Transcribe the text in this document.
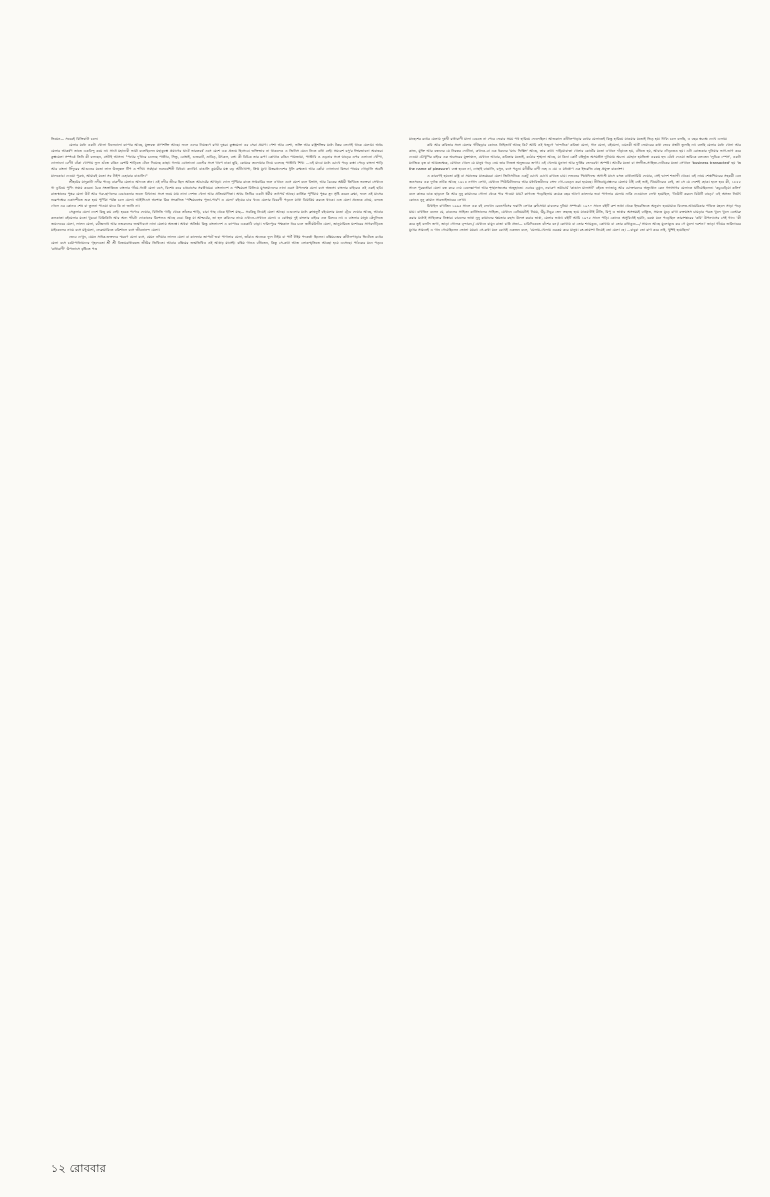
ভিয়েন— সবেরই বিক্রিবাটা চলে।

মেলার মধ্যে একটা খোলা ঢিলেঢালা ব্যাপার আছে, মুক্তবন্ধ প্রাণশক্তি আছে। ফলে এদের নিয়ন্ত্রণে রাখা দুষ্কর। কুম্ভমেলা এর সেরা প্রমাণ। পেশা আর নেশা, ভক্তি আর রাষ্ট্রশক্তির মধ্যে টক্কর লেগেই থাকে মেলায়। অথচ মেলার আকর্ষণ তাতে একবিন্দু কমে না। সাধে মহাদেবী ভার্মা বলেছিলেন মহাকুম্ভে প্রয়াগের ঘাটে ভারতবর্ষ এসে মেশে এক প্রত্যয় হিসেবে। ভক্তিভাব না থাকলেও এ জিনিস মেনে নিতে বাধা নেই। সমরেশ বসু'র ঈশ্বরভাবনা অবান্তর। কুম্ভমেলা সম্পর্কে তিনি কী বলছেন, সেটাই আসল। "পথের দু'ধারে চলেছে পাঞ্জাব, সিন্ধু, বোম্বাই, গুজরাট, দ্রাবিড়, উৎকল, বঙ্গ। কী বিচিত্র তার রূপ! কোথাও রঙিন পায়জামা, পাঞ্জাবি ও ওড়নার সঙ্গে ঘাড়ের ওপর এলানো খোঁপা, দোলানো বেণী! বাঁকা খোপায় ফুল গুঁজে রঙিন রেশমি শাড়িতে টেনে দিয়েছে কাছা। গলায় ঝোলানো বেল্টের সঙ্গে খাপে ঢাকা ছুরি, কোমরে তলোয়ার নিয়ে চলেছে পাঞ্জাবি শিখ। ...এই মাঝে মধ্যে চোখে পড়ে কস্তা পেড়ে বাংলা শাড়ি আর বাংলা সিঁদুরের আগুনের মতো লাল উজ্জ্বল টিপ ও শাঁখা। সর্বহারা শুভ্রবেশিনী বিধবা। কদাচিৎ বাঙালি কুমারীর মস্ত বড় আঁটখোপা, স্নিগ্ধ মুখে উত্তরপ্রদেশের ধুলি রুক্ষতা। আর কোঁচা দোলানো কিংবা পায়ের গোড়ালি অবধি মালকোচা দেওয়া পুরুষ, আমারই মতো সব টাইপ চেহারার বাঙালি।"

শ্রীহট্টের যাদুকাটা নদীর পাড়ে বারুণীর মেলাও আদতে স্নান। এই নদীর তীরে ছিল অদ্বৈত আচার্যের আখড়া। দোল পূর্ণিমার রাতে সপ্তবারির জল এখানে এসে মেশে বলে বিশ্বাস, আর চৈত্রের অষ্টমী তিথিতে ভক্তেরা সেখানে গা ডুবিয়ে পুণ্যি সঞ্চয় করেন। চৈত্র সংক্রান্তিতে বাংলার গাঁয়ে-গঞ্জে মেলা বসে, বিশেষ করে চাষবাসের সরঞ্জামের। বাংলাদেশ ও পশ্চিমবঙ্গ মিলিয়ে মুসলমানদের নানা ওরস উপলক্ষে মেলা বসে অজস্র। বাংলার বাইরেও ওই একই ছবি। রাজস্থানের পুষ্কর মেলা উট আর গরু-ছাগলের বেচাকেনার জন্যে বিখ্যাত। সঙ্গে জমে যায় নানা দেশজ খেলা আর প্রতিযোগিতা। অথচ তিথির একটা ধর্মীয় তাৎপর্য আছে। কার্তিক পূর্ণিমায় পুষ্কর হ্রদ সৃষ্টি করেন ব্রহ্মা, ফলে ওই মাসের শুক্লপক্ষের একাদশীতে শুরু হয়ে পূর্ণিমা পর্যন্ত চলে মেলা। আইসিএস অশোক মিত্র সংকলিত 'পশ্চিমবঙ্গের পূজা-পার্বণ ও মেলা' বইয়ের চার খণ্ডে মেলার বিবরণী পড়লে মাথা ঝিমঝিম করতে থাকে। এত মেলা প্রত্যেক গ্রামে, বলতে গেলে এর কোনও শেষ বা তুলনা পাওয়া যাবে কি না জানি না।

সেকুলার মেলা দেশে কিছু কম নেই। হরেক পণ্যের ফেয়ার, বিলিতি গাড়ি থেকে তাঁতের শাড়ি, চারা গাছ থেকে ইলিশ মাছ— সবকিছু নিয়েই মেলা আছে। এগুলোর মধ্যে ফ্রাঙ্কফুর্ট বইমেলার মতো ট্রেড ফেয়ার আছে, আবার কলকাতা বইমেলার মতো খুচরো বিকিকিনি আর অন্য পাঁচটা দোকানের মিশেলও আছে ঢের। কিন্তু যা আশ্চর্যের, তা হল কবিদের নামে এখানে-সেখানে মেলা। এ বোধহয় দুই বাংলার বাইরে এত মিলবে না। এ বাংলার মানুষ কেঁদুলিতে জয়দেবের মেলা, লালন মেলা, রবীন্দ্রনাথ আর নজরুলের জন্মদিবসে নানা মেলায় অভ্যস্ত। অথবা অতিষ্ঠ। কিন্তু বাংলাদেশ এ ব্যাপারে এককাঠি বাড়া। ফরিদপুরে পক্ষকাল ধরে চলে জসীমউদ্দীন মেলা, জানুয়ারিতে যশোরের সাগরদাঁড়িতে মাইকেলের নামে বসে মধুমেলা, ফেব্রুয়ারিতে বরিশালে বসে জীবনানন্দ মেলা।

ভেবে দেখুন, যেমন সাধক-ভক্তদের স্মরণে মেলা বসে, যেমন নদিয়ার লালন মেলা বা কালনার জাপটে ভবা পাগলার মেলা, তাঁরাও অনেকে ফুল টাইম বা পার্ট টাইম পদকর্তা ছিলেন। বঙ্কিমচন্দ্রের কাঁটালপাড়ার ভিটেতে রথের মেলা বসে চট্টোপাধ্যায়দের গৃহদেবতা শ্রী শ্রী বিজয়রাধাবল্লভ জীউর তিথিতে। আবার বঙ্কিমের জন্মতিথিও ওই আষাঢ় মাসেই। বঙ্কিম গানও বাঁধতেন, কিন্তু সে-কথা আজ লোকস্মৃতিতে আবছা হয়ে এসেছে। পাঠকের মনে পড়বে 'রাধারাণী' উপন্যাসে বৃষ্টিতে পণ্ড

মাহেশের রথের মেলায় দুঃখী রাধারাণী মালা বেচতে না পেরে ফেরার সময় পথ হারিয়ে ফেলেছিল। আজকাল কাঁটালপাড়ার রথের মেলাতেই কিন্তু হারিয়ে যাওয়ার মতোই ভিড় হয়। দিব্যি চলে বলছি, এ বছর স্বচক্ষে দেখে এলাম।

কবি আর কবিতার সঙ্গে মেলার গাঁটছড়ার কোনও নিহিতার্থ আছে কি? আমি ওই হুজুগে 'নান্দনিক' কবিতা মেলা, গান মেলা, বইমেলা, এমনকী আর্ট ফেয়ারের কথা ভেবে প্রশ্নটা তুলছি না। বলছি মেলার মধ্যে খেলা আর কাজ, মুক্তি আর বন্ধনের যে নিরন্তর দোটানা, কখনও-বা এক ধরনের 'ম্যাচ ফিক্সিং' আছে, তার কথা। দাড়িয়াবান্ধা খেলার কোর্টের মতো এখানে দাঁড়াতে হয়, বাঁধতে হয়, আবার দৌড়তেও হয়। এটা রোজকার দুনিয়ার ভাগ-ভাগ করে দেওয়া চৌখুপির বাইরে এক অবসরের মুক্তাঞ্চল, যেখানে আবার, কবিতার মতোই, কঠোর শৃঙ্খলা আছে, যা কিনা কোর্ট বহির্ভূত অসমঞ্জস দুনিয়ায় অচল। য়োহান হয়জিঙ্গা এরকম হদ্দ বেঁধে দেওয়া জমিকে বলতেন 'লুডিক স্পেস', একটা ম্যাজিক বৃত্ত বা আয়তক্ষেত্র, যেখানে খেলে যে মানুষ গড়ে নেয় তার নিজস্ব অনুভবের জগৎ। এই খেলায় মুনাফা আর ফুর্তির ভেদরেখা অস্পষ্ট। আর্টের মতো বা সংগীত-সাহিত্য-নাটকের মতো সেখানে 'business transacted' হয় 'in the name of pleasure'। ব্যস্ত হবেন না, দোহাই বাঙালি, বসুন, বসে পড়ুন। মনীষীর বাণী নহে এ যে। এ মধ্যপ্রাণ এক ইংরেজি গ্রন্থে প্রযুক্ত বাক্যাংশ।

এ কারণেই হয়তো রাষ্ট্র বা সমাজের মাতব্বররা মেলা জিনিসটাকে একটু চোখে চোখে রাখতে চায়। লন্ডনের স্মিথফিল্ডে অগাস্ট মাসে বসত বার্থলোমিউ ফেয়ার, সেই দ্বাদশ শতাব্দী থেকে। ওই নামে শেক্সপিয়রের সহকর্মী বেন জনসনের এক দুর্দান্ত নাটক আছে ১৬১৪ নাগাদ লেখা, যেখানে পিউরিটানদের আর মধ্যবিত্তবীদের স্রেফ গো-বেড়েন করা হয়েছে। নীতিবায়ুগ্রস্তদের মেলায় ঠাঁই নেই ভাই, থিয়েটারেও নেই, তা সে যে দেশেই হোক। হলে হবে কী, ১৮৫৫ সালে পুরকর্তারা মেলা বন্ধ করে দেয় বেলেল্লাপনা আর শৃঙ্খলাভঙ্গের অজুহাতে। এবারে বুঝুন, নবারুণ ভট্টাচার্য 'কাঙাল মালসাট' বইতে ফ্যাতাড়ু আর চোক্তারদের অভ্যুত্থান কেন গঙ্গাসাগর মেলাতে ঘটিয়েছিলেন। 'কচুবেড়িয়া কলিং' বলে কাতর ডাক ছাড়লে কি আর নুনু কামানের গোলা থেকে পার পাওয়া যায়? কাগজে পড়েছিলাম কয়েক বছর আগে কালনার ভবা পাগলার মেলায় নাকি দেওয়ালে লেখা হয়েছিল, 'ডিউটি করলে বিউটি বাড়ে।' এই অসত্য নির্ঘাৎ কোনও নুনু কামান সারভাইভারের লেখা।

মিখাইল বাখতিন ১৯৬৫ সালে এক বই লেখেন রেনেসাঁসের ফরাসি লেখক ফ্রাঁসোয়া রাবলের দুনিয়া সম্পর্কে। ১৯৭০ সালে বইটি রুশ ভাষা থেকে ইংরেজিতে অনুবাদ হওয়ামাত্র বিলেত-আমেরিকার পণ্ডিত মহলে সাড়া পড়ে যায়। বাখতিন বলেন যে, রাবলের সাহিত্য কার্নিভালের সাহিত্য, যেখানে বেনিয়মটাই নিয়ম, উঁচু-নিচুর ভেদ তছনছ হয়ে যাওয়াটাই রীতি, রিপু ও ভাষার অসংযমই বাঞ্ছিত, সযত্নে মুড়ে রাখা রক্তমাংস চামড়ার পরত খুলে খুলে বেআব্রু করার মধ্যেই সাহিত্যের নিস্তার। রাবলের ভাষা নুনু কামানের ক্ষমতার রহস্য উলঙ্গ করার ভাষা, মেলার ভাষা। বইটি আমি ১৯৭৫ সালে পড়ি। কোনও অসুবিধেই হয়নি, বরঞ্চ মনে পড়েছিল তারাশঙ্করের 'কবি' উপন্যাসের সেই গান: 'কী করে তুই বললি জগা, জাড়া গোলক বৃন্দাবন,/ যেখানে বামুন রাজা চাষি প্রজা— চারিদিকেতে বাঁশের বন।/ কোথায় বা তোর শ্যামকুণ্ড, কোথায় বা তোর রাধাকুণ্ড—/ সামনে আছে মুলোকুণ্ড কর গে মুলো দরশন।' জাড়া গাঁয়ের জমিদারের মুখের সামনেই এ গান গেয়েছিলেন ভোলা ময়রা। সে-কথা মনে রেখেই একজন বলে, 'মেলায়-খেলায় ওরকম করে মানুষ। রং-তামাশা নিয়েই তো মেলা হে। ...বাবুরা তো রাগ করে নাই, খুশিই হয়েছিল।'

১২ রোববার
